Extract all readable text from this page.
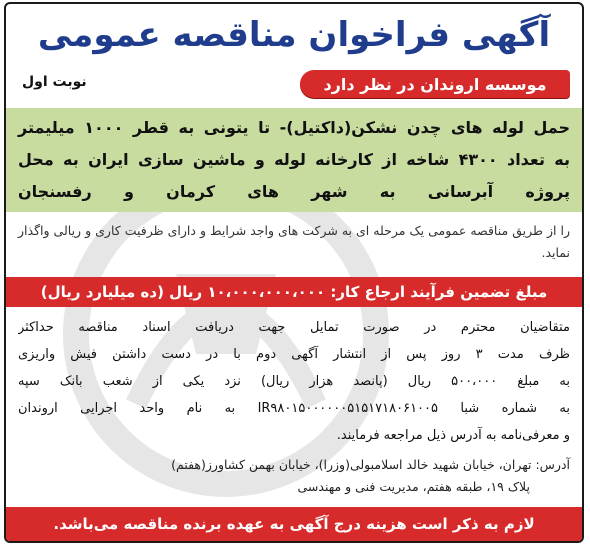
آگهی فراخوان مناقصه عمومی
موسسه اروندان در نظر دارد
نوبت اول

حمل لوله های چدن نشکن(داکتیل)- تا یتونی به قطر ۱۰۰۰ میلیمتر

به تعداد ۴۳۰۰ شاخه از کارخانه لوله و ماشین سازی ایران به محل

پروژه آبرسانی به شهر های کرمان و رفسنجان

را از طریق مناقصه عمومی یک مرحله ای به شرکت های واجد شرایط و دارای ظرفیت کاری و ریالی واگذار نماید.

مبلغ تضمین فرآیند ارجاع کار: ۱۰،۰۰۰،۰۰۰،۰۰۰ ریال (ده میلیارد ریال)

متقاضیان محترم در صورت تمایل جهت دریافت اسناد مناقصه حداکثر
ظرف مدت ۳ روز پس از انتشار آگهی دوم با در دست داشتن فیش واریزی
به مبلغ ۵۰۰،۰۰۰ ریال (پانصد هزار ریال) نزد یکی از شعب بانک سپه
به شماره شبا IR۹۸۰۱۵۰۰۰۰۰۰۵۱۵۱۷۱۸۰۶۱۰۰۵ به نام واحد اجرایی اروندان
و معرفی‌نامه به آدرس ذیل مراجعه فرمایند.

آدرس: تهران، خیابان شهید خالد اسلامبولی(وزرا)، خیابان بهمن کشاورز(هفتم)
پلاک ۱۹، طبقه هفتم، مدیریت فنی و مهندسی

لازم به ذکر است هزینه درج آگهی به عهده برنده مناقصه می‌باشد.
